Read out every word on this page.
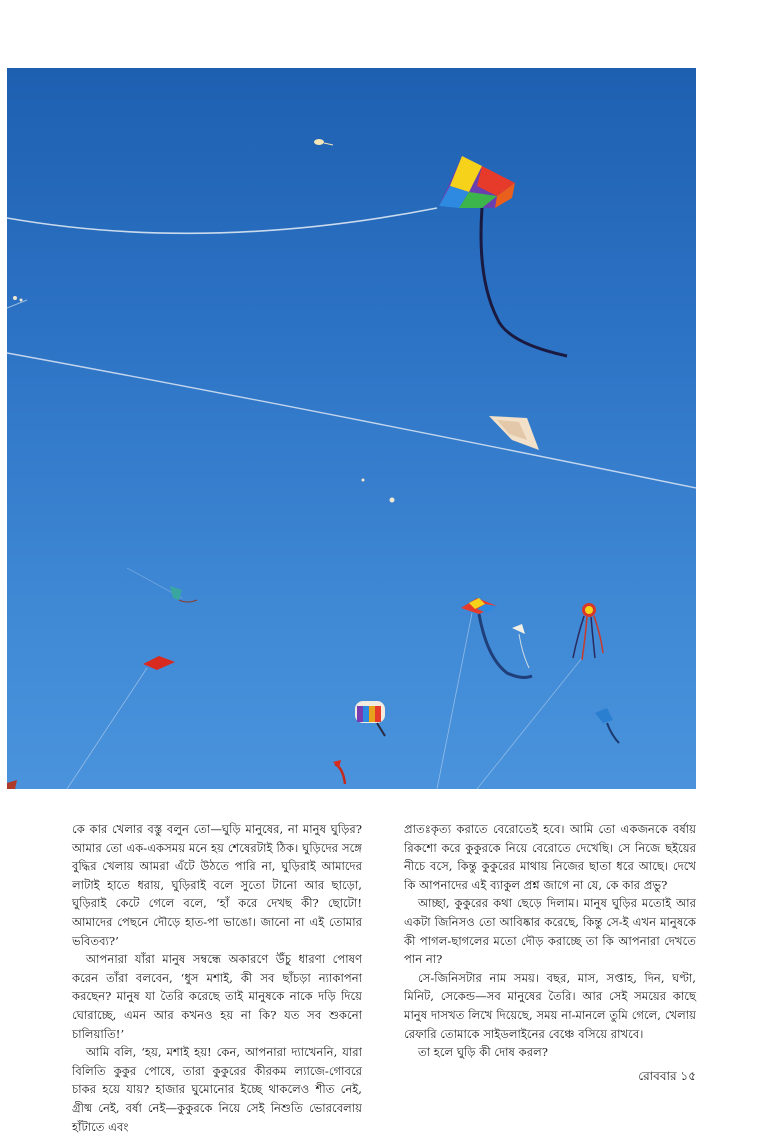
কে কার খেলার বস্তু বলুন তো—ঘুড়ি মানুষের, না মানুষ ঘুড়ির? আমার তো এক-একসময় মনে হয় শেষেরটাই ঠিক। ঘুড়িদের সঙ্গে বুদ্ধির খেলায় আমরা এঁটে উঠতে পারি না, ঘুড়িরাই আমাদের লাটাই হাতে ধরায়, ঘুড়িরাই বলে সুতো টানো আর ছাড়ো, ঘুড়িরাই কেটে গেলে বলে, ‘হাঁ করে দেখছ কী? ছোটো! আমাদের পেছনে দৌড়ে হাত-পা ভাঙো। জানো না এই তোমার ভবিতব্য?’

আপনারা যাঁরা মানুষ সম্বন্ধে অকারণে উঁচু ধারণা পোষণ করেন তাঁরা বলবেন, ‘ধুস মশাই, কী সব ছাঁচড়া ন্যাকাপনা করছেন? মানুষ যা তৈরি করেছে তাই মানুষকে নাকে দড়ি দিয়ে ঘোরাচ্ছে, এমন আর কখনও হয় না কি? যত সব শুকনো চালিয়াতি!’

আমি বলি, ‘হয়, মশাই হয়! কেন, আপনারা দ্যাখেননি, যারা বিলিতি কুকুর পোষে, তারা কুকুরের কীরকম ল্যাজে-গোবরে চাকর হয়ে যায়? হাজার ঘুমোনোর ইচ্ছে থাকলেও শীত নেই, গ্রীষ্ম নেই, বর্ষা নেই—কুকুরকে নিয়ে সেই নিশুতি ভোরবেলায় হাঁটাতে এবং

প্রাতঃকৃত্য করাতে বেরোতেই হবে। আমি তো একজনকে বর্ষায় রিকশো করে কুকুরকে নিয়ে বেরোতে দেখেছি। সে নিজে ছইয়ের নীচে বসে, কিন্তু কুকুরের মাথায় নিজের ছাতা ধরে আছে। দেখে কি আপনাদের এই ব্যাকুল প্রশ্ন জাগে না যে, কে কার প্রভু?

আচ্ছা, কুকুরের কথা ছেড়ে দিলাম। মানুষ ঘুড়ির মতোই আর একটা জিনিসও তো আবিষ্কার করেছে, কিন্তু সে-ই এখন মানুষকে কী পাগল-ছাগলের মতো দৌড় করাচ্ছে তা কি আপনারা দেখতে পান না?

সে-জিনিসটার নাম সময়। বছর, মাস, সপ্তাহ, দিন, ঘণ্টা, মিনিট, সেকেন্ড—সব মানুষের তৈরি। আর সেই সময়ের কাছে মানুষ দাসখত লিখে দিয়েছে, সময় না-মানলে তুমি গেলে, খেলায় রেফারি তোমাকে সাইডলাইনের বেঞ্চে বসিয়ে রাখবে।

তা হলে ঘুড়ি কী দোষ করল?

রোববার ১৫
